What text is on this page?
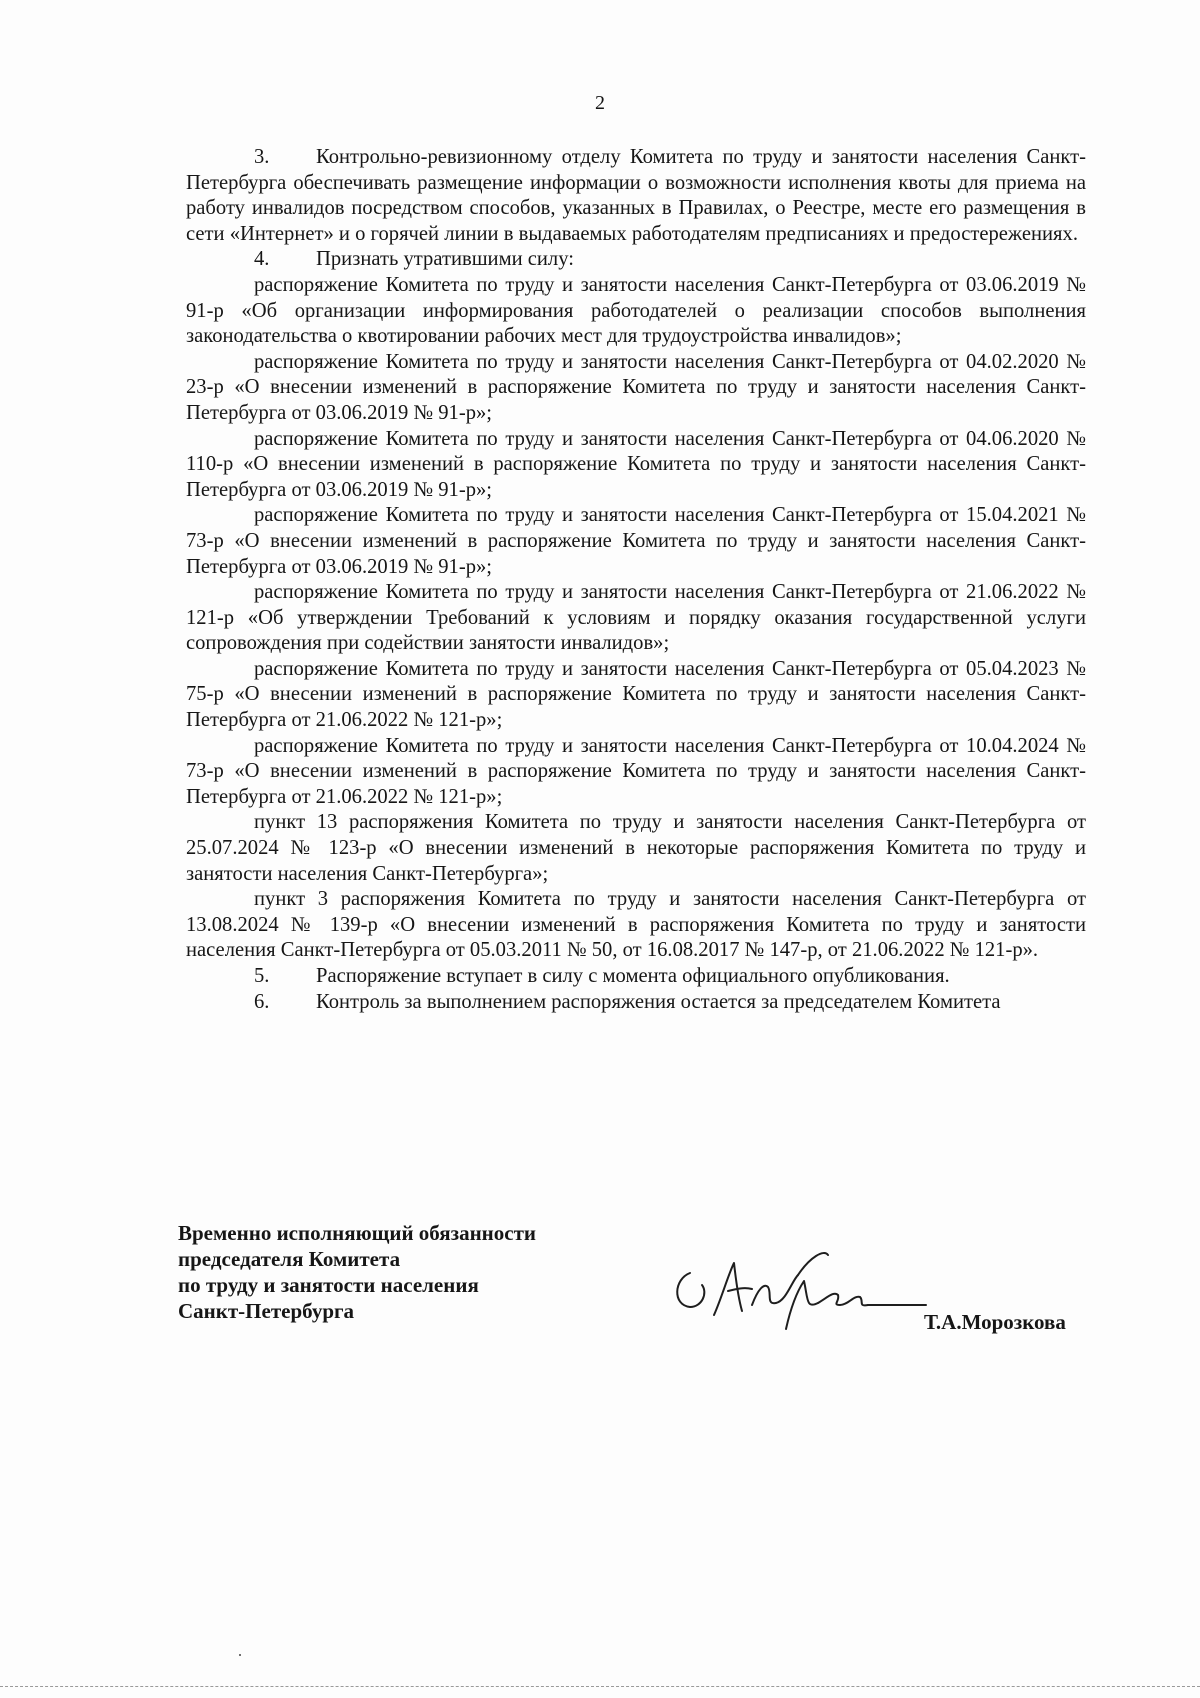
2

3. Контрольно-ревизионному отделу Комитета по труду и занятости населения Санкт-Петербурга обеспечивать размещение информации о возможности исполнения квоты для приема на работу инвалидов посредством способов, указанных в Правилах, о Реестре, месте его размещения в сети «Интернет» и о горячей линии в выдаваемых работодателям предписаниях и предостережениях.

4. Признать утратившими силу:

распоряжение Комитета по труду и занятости населения Санкт-Петербурга от 03.06.2019 № 91-р «Об организации информирования работодателей о реализации способов выполнения законодательства о квотировании рабочих мест для трудоустройства инвалидов»;

распоряжение Комитета по труду и занятости населения Санкт-Петербурга от 04.02.2020 № 23-р «О внесении изменений в распоряжение Комитета по труду и занятости населения Санкт-Петербурга от 03.06.2019 № 91-р»;

распоряжение Комитета по труду и занятости населения Санкт-Петербурга от 04.06.2020 № 110-р «О внесении изменений в распоряжение Комитета по труду и занятости населения Санкт-Петербурга от 03.06.2019 № 91-р»;

распоряжение Комитета по труду и занятости населения Санкт-Петербурга от 15.04.2021 № 73-р «О внесении изменений в распоряжение Комитета по труду и занятости населения Санкт-Петербурга от 03.06.2019 № 91-р»;

распоряжение Комитета по труду и занятости населения Санкт-Петербурга от 21.06.2022 № 121-р «Об утверждении Требований к условиям и порядку оказания государственной услуги сопровождения при содействии занятости инвалидов»;

распоряжение Комитета по труду и занятости населения Санкт-Петербурга от 05.04.2023 № 75-р «О внесении изменений в распоряжение Комитета по труду и занятости населения Санкт-Петербурга от 21.06.2022 № 121-р»;

распоряжение Комитета по труду и занятости населения Санкт-Петербурга от 10.04.2024 № 73-р «О внесении изменений в распоряжение Комитета по труду и занятости населения Санкт-Петербурга от 21.06.2022 № 121-р»;

пункт 13 распоряжения Комитета по труду и занятости населения Санкт-Петербурга от 25.07.2024 № 123-р «О внесении изменений в некоторые распоряжения Комитета по труду и занятости населения Санкт-Петербурга»;

пункт 3 распоряжения Комитета по труду и занятости населения Санкт-Петербурга от 13.08.2024 № 139-р «О внесении изменений в распоряжения Комитета по труду и занятости населения Санкт-Петербурга от 05.03.2011 № 50, от 16.08.2017 № 147-р, от 21.06.2022 № 121-р».

5. Распоряжение вступает в силу с момента официального опубликования.

6. Контроль за выполнением распоряжения остается за председателем Комитета

Временно исполняющий обязанности
председателя Комитета
по труду и занятости населения
Санкт-Петербурга	Т.А.Морозкова
